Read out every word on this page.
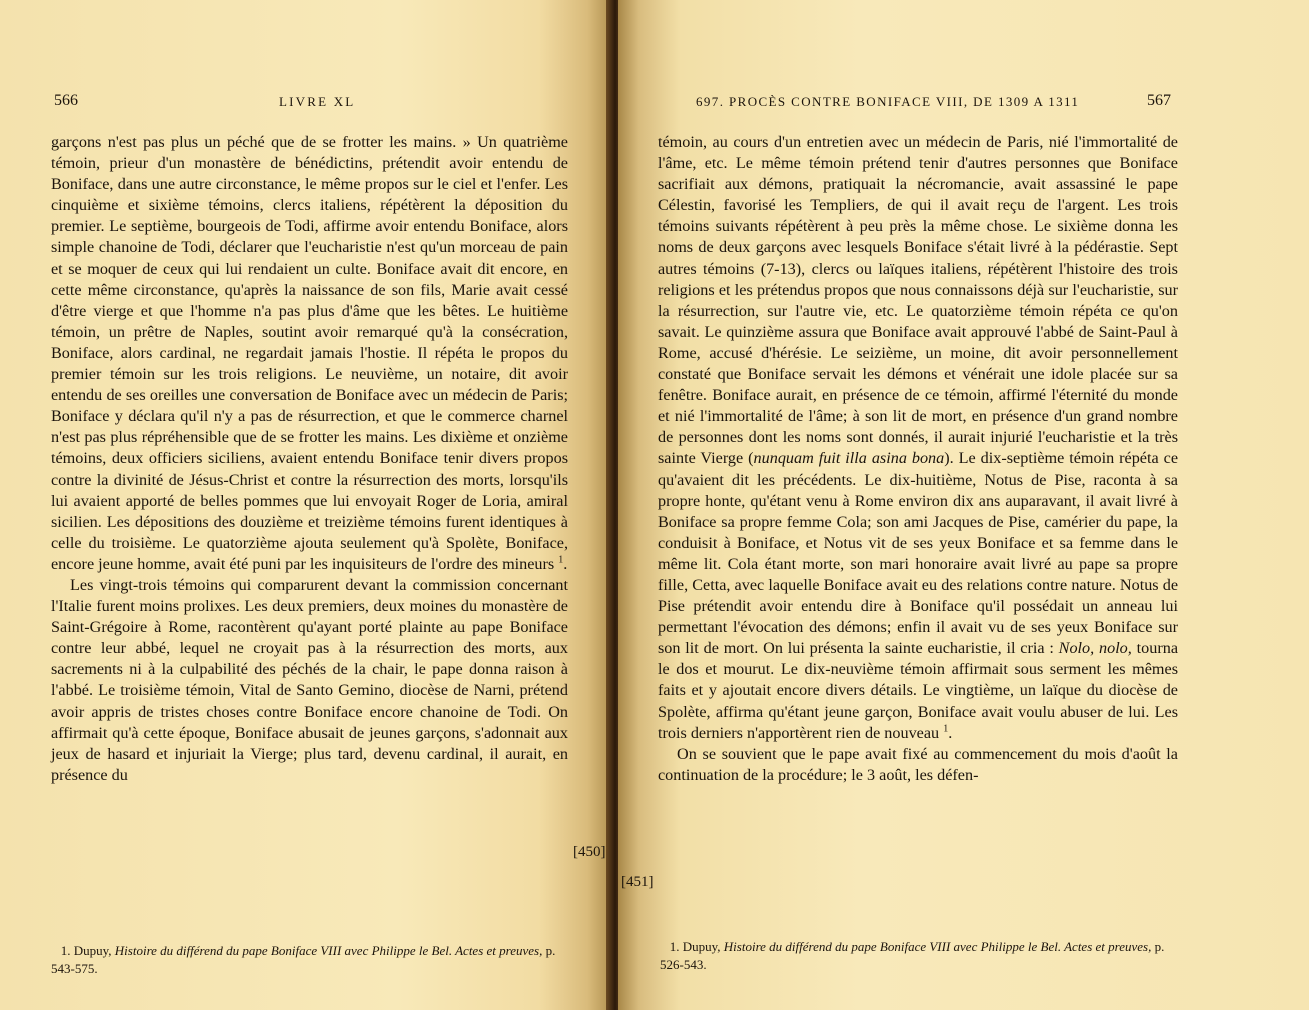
566	LIVRE XL

garçons n'est pas plus un péché que de se frotter les mains. » Un quatrième témoin, prieur d'un monastère de bénédictins, prétendit avoir entendu de Boniface, dans une autre circonstance, le même propos sur le ciel et l'enfer. Les cinquième et sixième témoins, clercs italiens, répétèrent la déposition du premier. Le septième, bourgeois de Todi, affirme avoir entendu Boniface, alors simple chanoine de Todi, déclarer que l'eucharistie n'est qu'un morceau de pain et se moquer de ceux qui lui rendaient un culte. Boniface avait dit encore, en cette même circonstance, qu'après la naissance de son fils, Marie avait cessé d'être vierge et que l'homme n'a pas plus d'âme que les bêtes. Le huitième témoin, un prêtre de Naples, soutint avoir remarqué qu'à la consécration, Boniface, alors cardinal, ne regardait jamais l'hostie. Il répéta le propos du premier témoin sur les trois religions. Le neuvième, un notaire, dit avoir entendu de ses oreilles une conversation de Boniface avec un médecin de Paris; Boniface y déclara qu'il n'y a pas de résurrection, et que le commerce charnel n'est pas plus répréhensible que de se frotter les mains. Les dixième et onzième témoins, deux officiers siciliens, avaient entendu Boniface tenir divers propos contre la divinité de Jésus-Christ et contre la résurrection des morts, lorsqu'ils lui avaient apporté de belles pommes que lui envoyait Roger de Loria, amiral sicilien. Les dépositions des douzième et treizième témoins furent identiques à celle du troisième. Le quatorzième ajouta seulement qu'à Spolète, Boniface, encore jeune homme, avait été puni par les inquisiteurs de l'ordre des mineurs $^1$.

Les vingt-trois témoins qui comparurent devant la commission concernant l'Italie furent moins prolixes. Les deux premiers, deux moines du monastère de Saint-Grégoire à Rome, racontèrent qu'ayant porté plainte au pape Boniface contre leur abbé, lequel ne croyait pas à la résurrection des morts, aux sacrements ni à la culpabilité des péchés de la chair, le pape donna raison à l'abbé. Le troisième témoin, Vital de Santo Gemino, diocèse de Narni, prétend avoir appris de tristes choses contre Boniface encore chanoine de Todi. On affirmait qu'à cette époque, Boniface abusait de jeunes garçons, s'adonnait aux jeux de hasard et injuriait la Vierge; plus tard, devenu cardinal, il aurait, en présence du

[450]
1. Dupuy, Histoire du différend du pape Boniface VIII avec Philippe le Bel. Actes et preuves, p. 543-575.
697. PROCÈS CONTRE BONIFACE VIII, DE 1309 A 1311	567

témoin, au cours d'un entretien avec un médecin de Paris, nié l'immortalité de l'âme, etc. Le même témoin prétend tenir d'autres personnes que Boniface sacrifiait aux démons, pratiquait la nécromancie, avait assassiné le pape Célestin, favorisé les Templiers, de qui il avait reçu de l'argent. Les trois témoins suivants répétèrent à peu près la même chose. Le sixième donna les noms de deux garçons avec lesquels Boniface s'était livré à la pédérastie. Sept autres témoins (7-13), clercs ou laïques italiens, répétèrent l'histoire des trois religions et les prétendus propos que nous connaissons déjà sur l'eucharistie, sur la résurrection, sur l'autre vie, etc. Le quatorzième témoin répéta ce qu'on savait. Le quinzième assura que Boniface avait approuvé l'abbé de Saint-Paul à Rome, accusé d'hérésie. Le seizième, un moine, dit avoir personnellement constaté que Boniface servait les démons et vénérait une idole placée sur sa fenêtre. Boniface aurait, en présence de ce témoin, affirmé l'éternité du monde et nié l'immortalité de l'âme; à son lit de mort, en présence d'un grand nombre de personnes dont les noms sont donnés, il aurait injurié l'eucharistie et la très sainte Vierge (nunquam fuit illa asina bona). Le dix-septième témoin répéta ce qu'avaient dit les précédents. Le dix-huitième, Notus de Pise, raconta à sa propre honte, qu'étant venu à Rome environ dix ans auparavant, il avait livré à Boniface sa propre femme Cola; son ami Jacques de Pise, camérier du pape, la conduisit à Boniface, et Notus vit de ses yeux Boniface et sa femme dans le même lit. Cola étant morte, son mari honoraire avait livré au pape sa propre fille, Cetta, avec laquelle Boniface avait eu des relations contre nature. Notus de Pise prétendit avoir entendu dire à Boniface qu'il possédait un anneau lui permettant l'évocation des démons; enfin il avait vu de ses yeux Boniface sur son lit de mort. On lui présenta la sainte eucharistie, il cria : Nolo, nolo, tourna le dos et mourut. Le dix-neuvième témoin affirmait sous serment les mêmes faits et y ajoutait encore divers détails. Le vingtième, un laïque du diocèse de Spolète, affirma qu'étant jeune garçon, Boniface avait voulu abuser de lui. Les trois derniers n'apportèrent rien de nouveau $^1$.

On se souvient que le pape avait fixé au commencement du mois d'août la continuation de la procédure; le 3 août, les défen-

[451]
1. Dupuy, Histoire du différend du pape Boniface VIII avec Philippe le Bel. Actes et preuves, p. 526-543.
